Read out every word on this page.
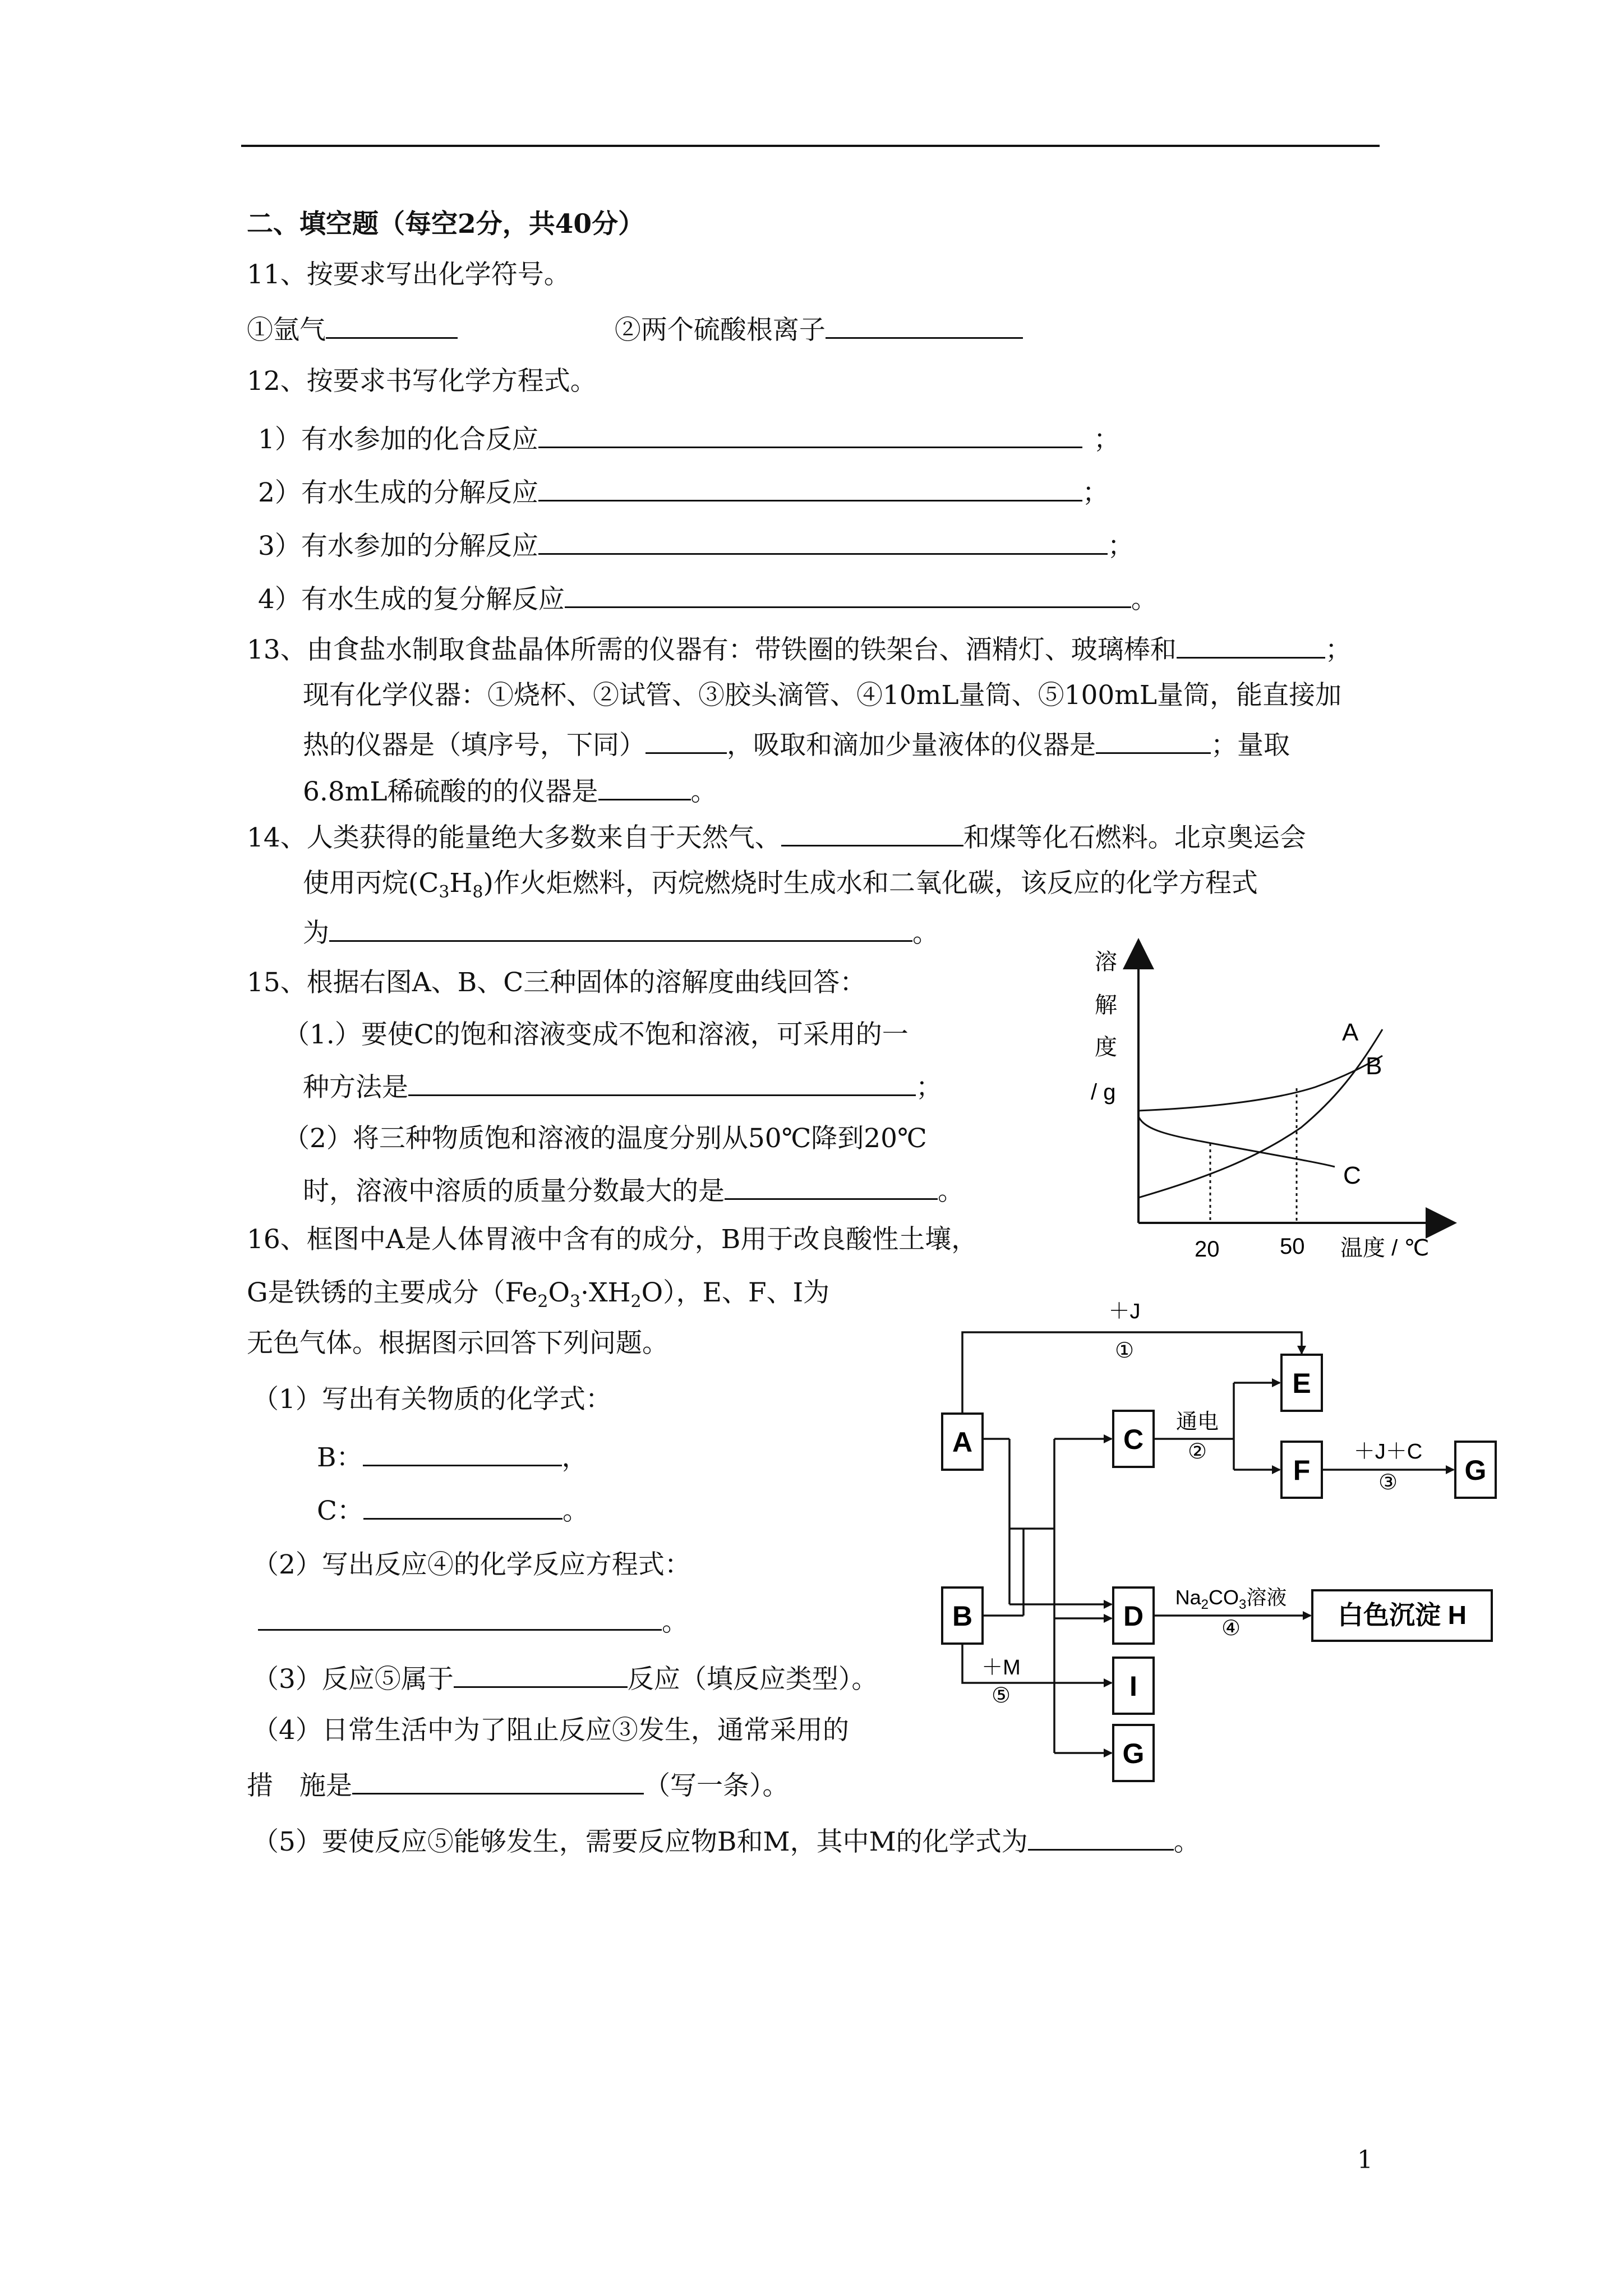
二、填空题（每空2分，共40分）
11、按要求写出化学符号。
①氩气	②两个硫酸根离子
12、按要求书写化学方程式。
1）有水参加的化合反应	；
2）有水生成的分解反应	；
3）有水参加的分解反应	；
4）有水生成的复分解反应	。
13、由食盐水制取食盐晶体所需的仪器有：带铁圈的铁架台、酒精灯、玻璃棒和	；
现有化学仪器：①烧杯、②试管、③胶头滴管、④10mL量筒、⑤100mL量筒，能直接加
热的仪器是（填序号，下同）	，吸取和滴加少量液体的仪器是	；量取
6.8mL稀硫酸的的仪器是	。
14、人类获得的能量绝大多数来自于天然气、	和煤等化石燃料。北京奥运会
使用丙烷$(C_3H_8)$作火炬燃料，丙烷燃烧时生成水和二氧化碳，该反应的化学方程式
为	。
15、根据右图A、B、C三种固体的溶解度曲线回答：
（1.）要使C的饱和溶液变成不饱和溶液，可采用的一
种方法是	；
（2）将三种物质饱和溶液的温度分别从50℃降到20℃
时，溶液中溶质的质量分数最大的是	。
溶
解
度
/ g
A
B
C
20	50 温度 / ℃
16、框图中A是人体胃液中含有的成分，B用于改良酸性土壤，
G是铁锈的主要成分$(Fe_2O_3\cdot XH_2O)$，E、F、I为
无色气体。根据图示回答下列问题。
（1）写出有关物质的化学式：
B：	，
C：	。
（2）写出反应④的化学反应方程式：
。
（3）反应⑤属于	反应（填反应类型）。
（4）日常生活中为了阻止反应③发生，通常采用的
措　施是	（写一条）。
（5）要使反应⑤能够发生，需要反应物B和M，其中M的化学式为	。
A
B
C
D
E
F	G
I
G
白色沉淀 H
＋J
①
通电
②	＋J＋C
③
$Na_2CO_3$溶液
④
＋M
⑤
1
